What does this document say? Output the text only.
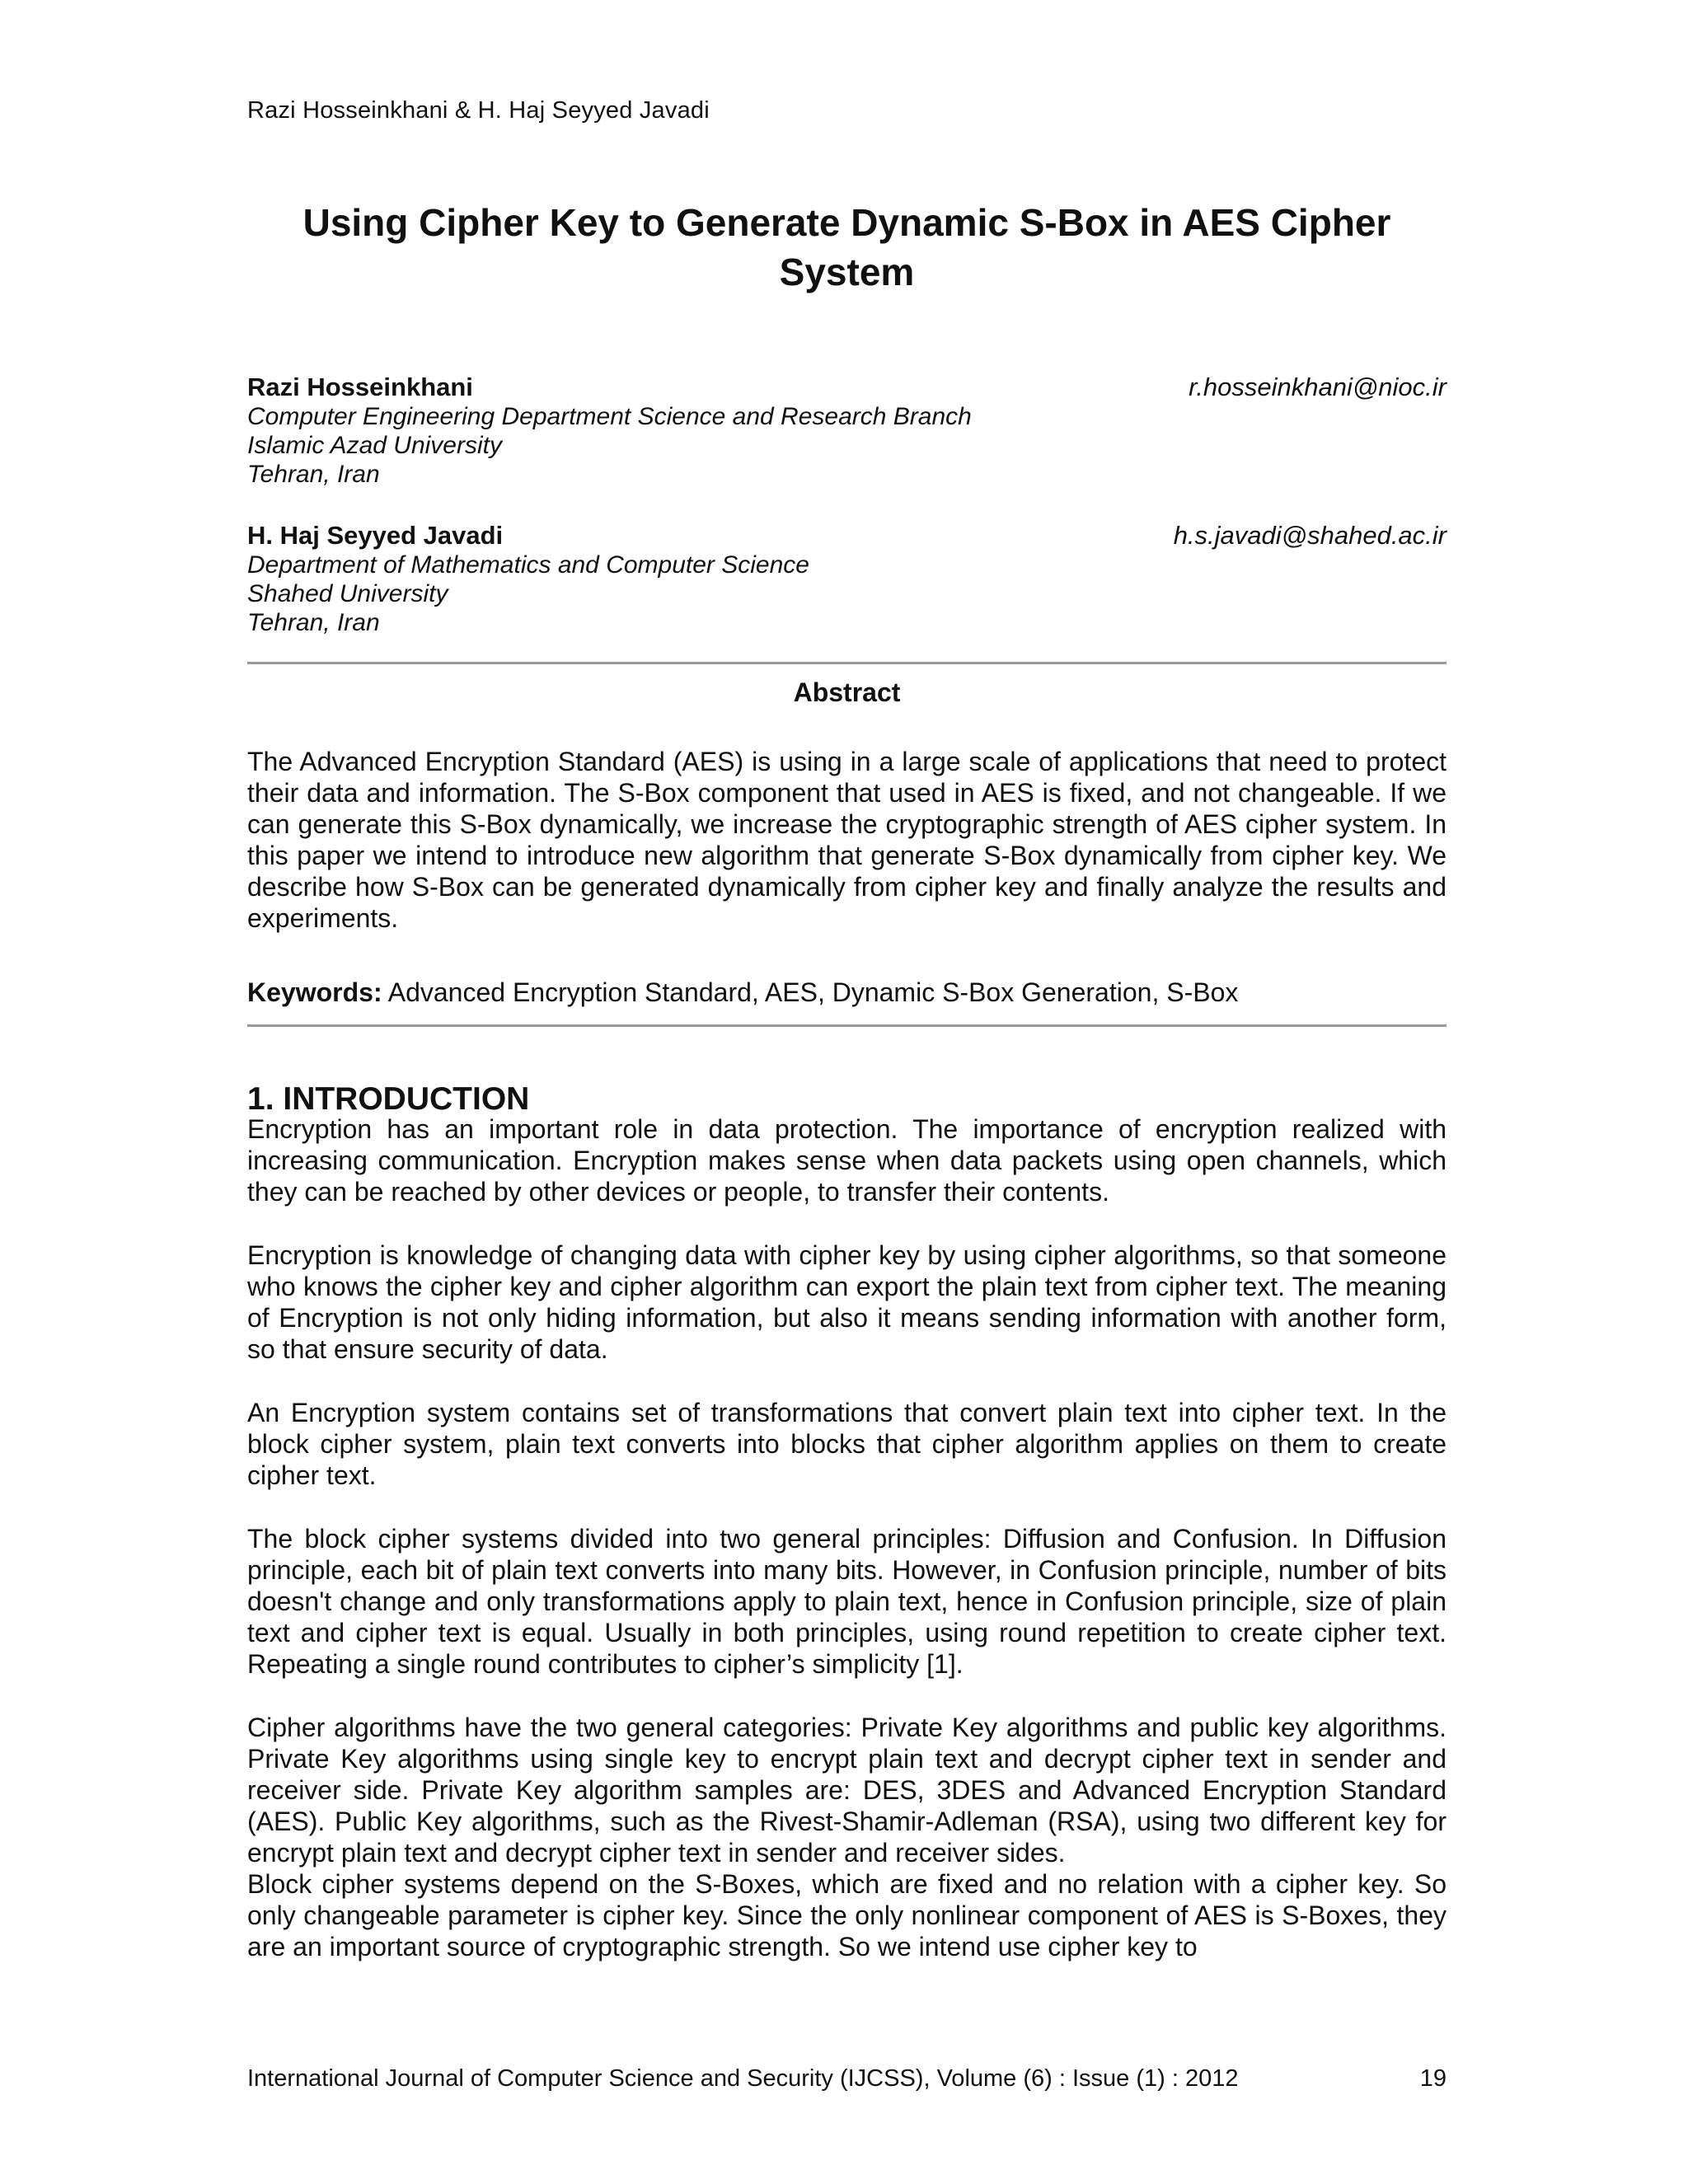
Razi Hosseinkhani & H. Haj Seyyed Javadi
Using Cipher Key to Generate Dynamic S-Box in AES Cipher System
Razi Hosseinkhani	r.hosseinkhani@nioc.ir
Computer Engineering Department Science and Research Branch
Islamic Azad University
Tehran, Iran
H. Haj Seyyed Javadi	h.s.javadi@shahed.ac.ir
Department of Mathematics and Computer Science
Shahed University
Tehran, Iran
Abstract

The Advanced Encryption Standard (AES) is using in a large scale of applications that need to protect their data and information. The S-Box component that used in AES is fixed, and not changeable. If we can generate this S-Box dynamically, we increase the cryptographic strength of AES cipher system. In this paper we intend to introduce new algorithm that generate S-Box dynamically from cipher key. We describe how S-Box can be generated dynamically from cipher key and finally analyze the results and experiments.

Keywords: Advanced Encryption Standard, AES, Dynamic S-Box Generation, S-Box
1. INTRODUCTION

Encryption has an important role in data protection. The importance of encryption realized with increasing communication. Encryption makes sense when data packets using open channels, which they can be reached by other devices or people, to transfer their contents.

Encryption is knowledge of changing data with cipher key by using cipher algorithms, so that someone who knows the cipher key and cipher algorithm can export the plain text from cipher text. The meaning of Encryption is not only hiding information, but also it means sending information with another form, so that ensure security of data.

An Encryption system contains set of transformations that convert plain text into cipher text. In the block cipher system, plain text converts into blocks that cipher algorithm applies on them to create cipher text.

The block cipher systems divided into two general principles: Diffusion and Confusion. In Diffusion principle, each bit of plain text converts into many bits. However, in Confusion principle, number of bits doesn't change and only transformations apply to plain text, hence in Confusion principle, size of plain text and cipher text is equal. Usually in both principles, using round repetition to create cipher text. Repeating a single round contributes to cipher’s simplicity [1].

Cipher algorithms have the two general categories: Private Key algorithms and public key algorithms. Private Key algorithms using single key to encrypt plain text and decrypt cipher text in sender and receiver side. Private Key algorithm samples are: DES, 3DES and Advanced Encryption Standard (AES). Public Key algorithms, such as the Rivest-Shamir-Adleman (RSA), using two different key for encrypt plain text and decrypt cipher text in sender and receiver sides.

Block cipher systems depend on the S-Boxes, which are fixed and no relation with a cipher key. So only changeable parameter is cipher key. Since the only nonlinear component of AES is S-Boxes, they are an important source of cryptographic strength. So we intend use cipher key to

International Journal of Computer Science and Security (IJCSS), Volume (6) : Issue (1) : 2012	19
